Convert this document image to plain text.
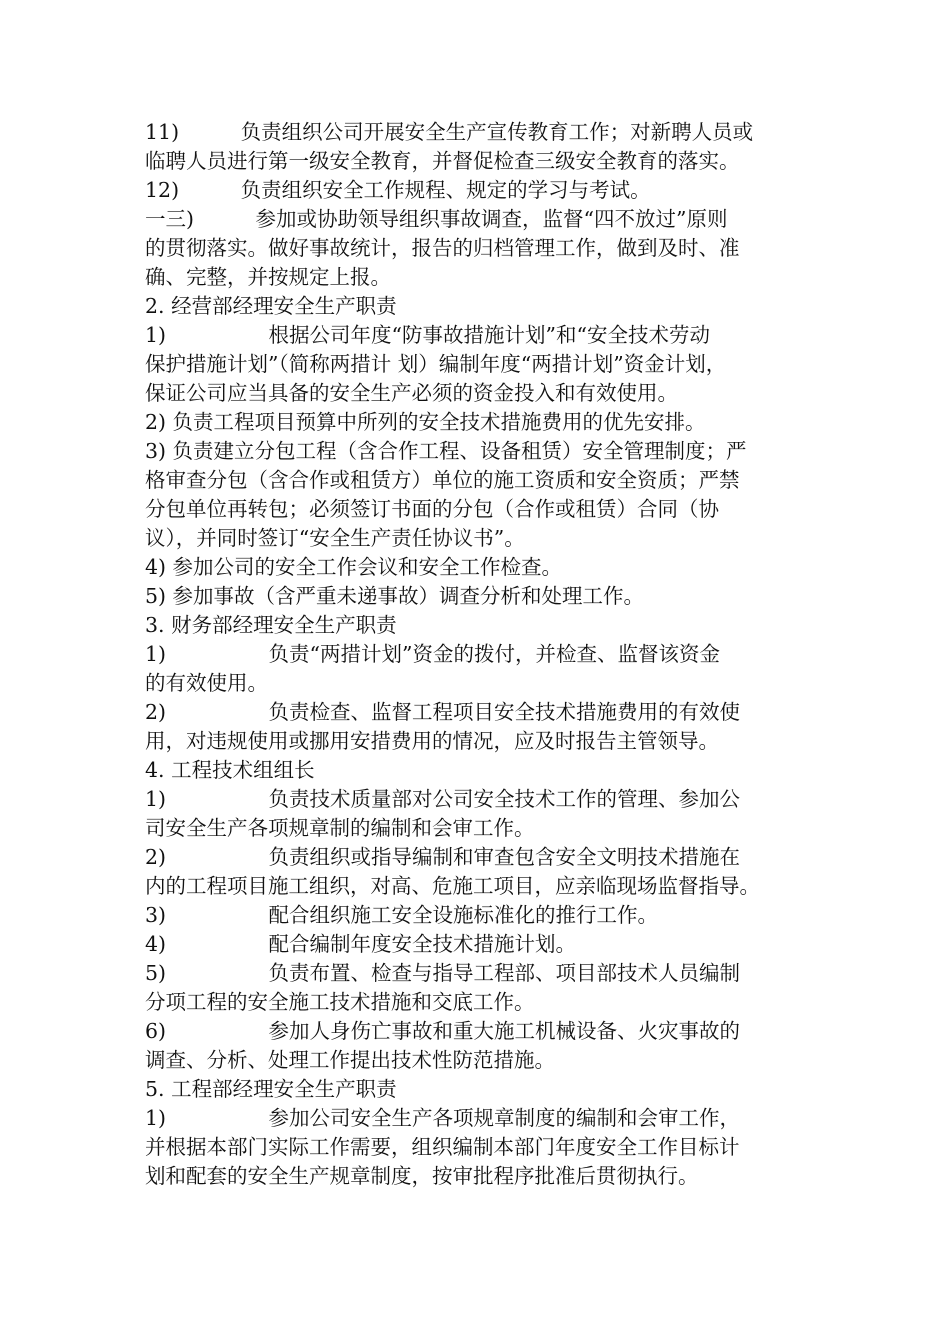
11)　　　负责组织公司开展安全生产宣传教育工作；对新聘人员或
临聘人员进行第一级安全教育，并督促检查三级安全教育的落实。
12)　　　负责组织安全工作规程、规定的学习与考试。
一三)　　　参加或协助领导组织事故调查，监督“四不放过”原则
的贯彻落实。做好事故统计，报告的归档管理工作，做到及时、准
确、完整，并按规定上报。
2. 经营部经理安全生产职责
1)　　　　　根据公司年度“防事故措施计划”和“安全技术劳动
保护措施计划”（简称两措计 划）编制年度“两措计划”资金计划，
保证公司应当具备的安全生产必须的资金投入和有效使用。
2) 负责工程项目预算中所列的安全技术措施费用的优先安排。
3) 负责建立分包工程（含合作工程、设备租赁）安全管理制度；严
格审查分包（含合作或租赁方）单位的施工资质和安全资质；严禁
分包单位再转包；必须签订书面的分包（合作或租赁）合同（协
议），并同时签订“安全生产责任协议书”。
4) 参加公司的安全工作会议和安全工作检查。
5) 参加事故（含严重未递事故）调查分析和处理工作。
3. 财务部经理安全生产职责
1)　　　　　负责“两措计划”资金的拨付，并检查、监督该资金
的有效使用。
2)　　　　　负责检查、监督工程项目安全技术措施费用的有效使
用，对违规使用或挪用安措费用的情况，应及时报告主管领导。
4. 工程技术组组长
1)　　　　　负责技术质量部对公司安全技术工作的管理、参加公
司安全生产各项规章制的编制和会审工作。
2)　　　　　负责组织或指导编制和审查包含安全文明技术措施在
内的工程项目施工组织，对高、危施工项目，应亲临现场监督指导。
3)　　　　　配合组织施工安全设施标准化的推行工作。
4)　　　　　配合编制年度安全技术措施计划。
5)　　　　　负责布置、检查与指导工程部、项目部技术人员编制
分项工程的安全施工技术措施和交底工作。
6)　　　　　参加人身伤亡事故和重大施工机械设备、火灾事故的
调查、分析、处理工作提出技术性防范措施。
5. 工程部经理安全生产职责
1)　　　　　参加公司安全生产各项规章制度的编制和会审工作，
并根据本部门实际工作需要，组织编制本部门年度安全工作目标计
划和配套的安全生产规章制度，按审批程序批准后贯彻执行。
